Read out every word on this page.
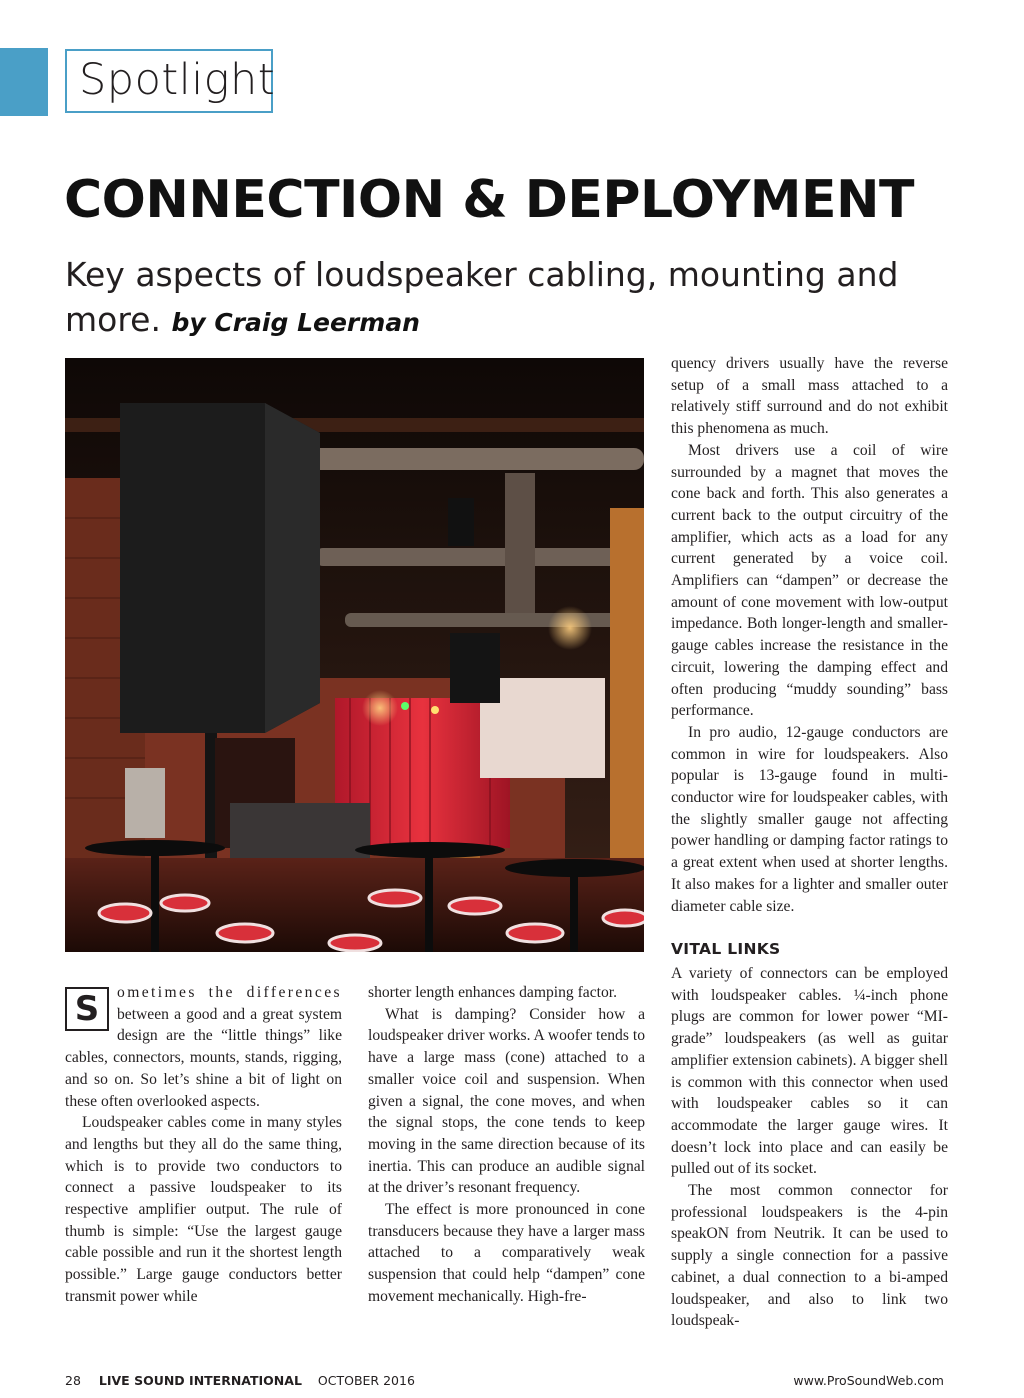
Spotlight
CONNECTION & DEPLOYMENT
Key aspects of loudspeaker cabling, mounting and more. by Craig Leerman

S	ometimes the differences between a good and a great system design are the “little things” like cables, connectors, mounts, stands, rigging, and so on. So let’s shine a bit of light on these often overlooked aspects.

Loudspeaker cables come in many styles and lengths but they all do the same thing, which is to provide two conductors to connect a passive loudspeaker to its respective amplifier output. The rule of thumb is simple: “Use the largest gauge cable possible and run it the shortest length possible.” Large gauge conductors better transmit power while

shorter length enhances damping factor.

What is damping? Consider how a loudspeaker driver works. A woofer tends to have a large mass (cone) attached to a smaller voice coil and suspension. When given a signal, the cone moves, and when the signal stops, the cone tends to keep moving in the same direction because of its inertia. This can produce an audible signal at the driver’s resonant frequency.

The effect is more pronounced in cone transducers because they have a larger mass attached to a comparatively weak suspension that could help “dampen” cone movement mechanically. High-fre-

quency drivers usually have the reverse setup of a small mass attached to a relatively stiff surround and do not exhibit this phenomena as much.

Most drivers use a coil of wire surrounded by a magnet that moves the cone back and forth. This also generates a current back to the output circuitry of the amplifier, which acts as a load for any current generated by a voice coil. Amplifiers can “dampen” or decrease the amount of cone movement with low-output impedance. Both longer-length and smaller-gauge cables increase the resistance in the circuit, lowering the damping effect and often producing “muddy sounding” bass performance.

In pro audio, 12-gauge conductors are common in wire for loudspeakers. Also popular is 13-gauge found in multi-conductor wire for loudspeaker cables, with the slightly smaller gauge not affecting power handling or damping factor ratings to a great extent when used at shorter lengths. It also makes for a lighter and smaller outer diameter cable size.

VITAL LINKS

A variety of connectors can be employed with loudspeaker cables. ¼-inch phone plugs are common for lower power “MI-grade” loudspeakers (as well as guitar amplifier extension cabinets). A bigger shell is common with this connector when used with loudspeaker cables so it can accommodate the larger gauge wires. It doesn’t lock into place and can easily be pulled out of its socket.

The most common connector for professional loudspeakers is the 4-pin speakON from Neutrik. It can be used to supply a single connection for a passive cabinet, a dual connection to a bi-amped loudspeaker, and also to link two loudspeak-

28 LIVE SOUND INTERNATIONAL OCTOBER 2016	www.ProSoundWeb.com
